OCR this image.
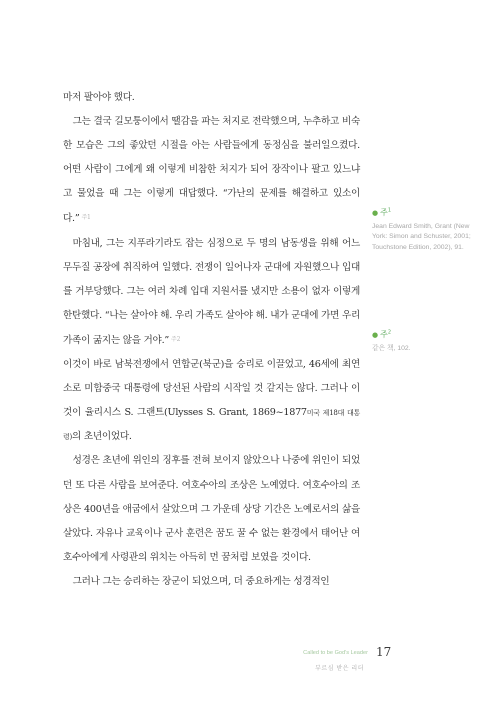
마저 팔아야 했다.

그는 결국 길모퉁이에서 땔감을 파는 처지로 전락했으며, 누추하고 비숙한 모습은 그의 좋았던 시절을 아는 사람들에게 동정심을 불러일으켰다. 어떤 사람이 그에게 왜 이렇게 비참한 처지가 되어 장작이나 팔고 있느냐고 물었을 때 그는 이렇게 대답했다. “가난의 문제를 해결하고 있소이다.” $^{주1}$

마침내, 그는 지푸라기라도 잡는 심정으로 두 명의 남동생을 위해 어느 무두질 공장에 취직하여 일했다. 전쟁이 일어나자 군대에 자원했으나 입대를 거부당했다. 그는 여러 차례 입대 지원서를 냈지만 소용이 없자 이렇게 한탄했다. “나는 살아야 해. 우리 가족도 살아야 해. 내가 군대에 가면 우리 가족이 굶지는 않을 거야.” $^{주2}$

이것이 바로 남북전쟁에서 연합군(북군)을 승리로 이끌었고, 46세에 최연소로 미합중국 대통령에 당선된 사람의 시작일 것 같지는 않다. 그러나 이것이 율리시스 S. 그랜트(Ulysses S. Grant, 1869~1877미국 제18대 대통령)의 초년이었다.

성경은 초년에 위인의 징후를 전혀 보이지 않았으나 나중에 위인이 되었던 또 다른 사람을 보여준다. 여호수아의 조상은 노예였다. 여호수아의 조상은 400년을 애굽에서 살았으며 그 가운데 상당 기간은 노예로서의 삶을 살았다. 자유나 교육이나 군사 훈련은 꿈도 꿀 수 없는 환경에서 태어난 여호수아에게 사령관의 위치는 아득히 먼 꿈처럼 보였을 것이다.

그러나 그는 승리하는 장군이 되었으며, 더 중요하게는 성경적인

● 주$^1$
Jean Edward Smith, Grant (New York: Simon and Schuster, 2001; Touchstone Edition, 2002), 91.
● 주$^2$
같은 책, 102.
Called to be God's Leader
부르심 받은 리더
17
